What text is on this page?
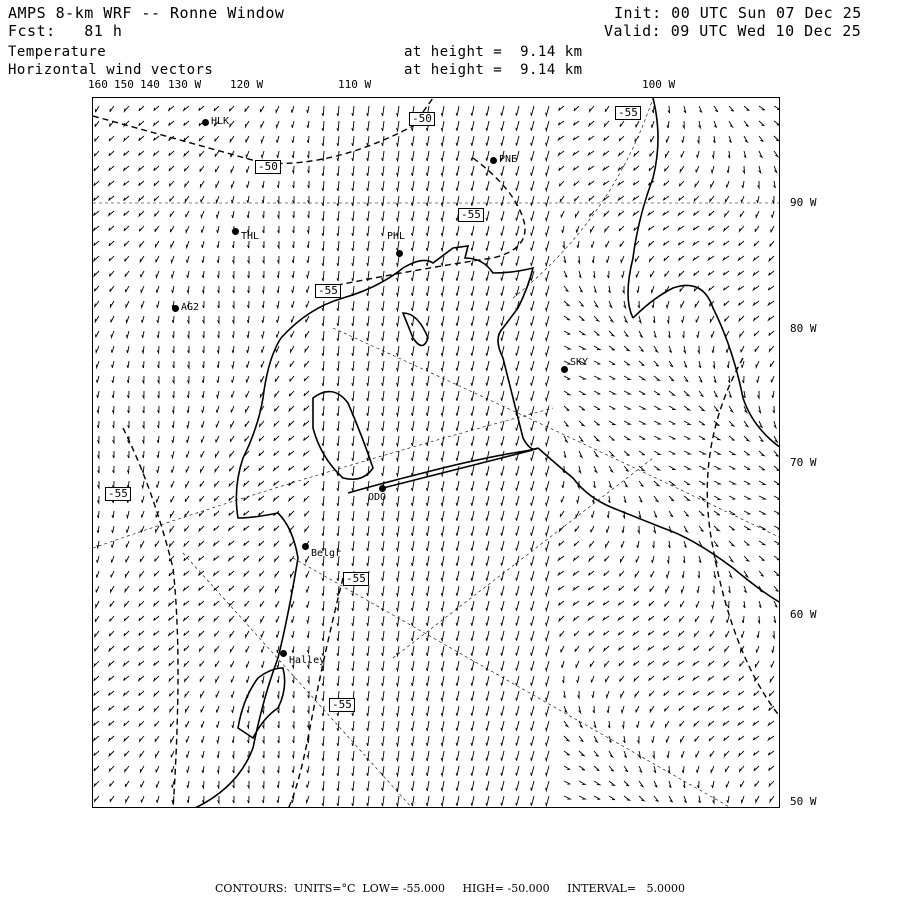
AMPS 8-km WRF -- Ronne Window
Fcst:   81 h
Temperature
Horizontal wind vectors
at height =  9.14 km
at height =  9.14 km
Init: 00 UTC Sun 07 Dec 25
Valid: 09 UTC Wed 10 Dec 25
160 150 140 130 W	120 W	110 W	100 W
90 W
80 W
70 W
60 W
50 W
-50
-50
-55
-55
-55
-55
-55
-55
HLK
PNE
THL	PHL
AG2
SKY
ODO
Belgr
Halley
CONTOURS:  UNITS=°C  LOW= -55.000     HIGH= -50.000     INTERVAL=   5.0000
